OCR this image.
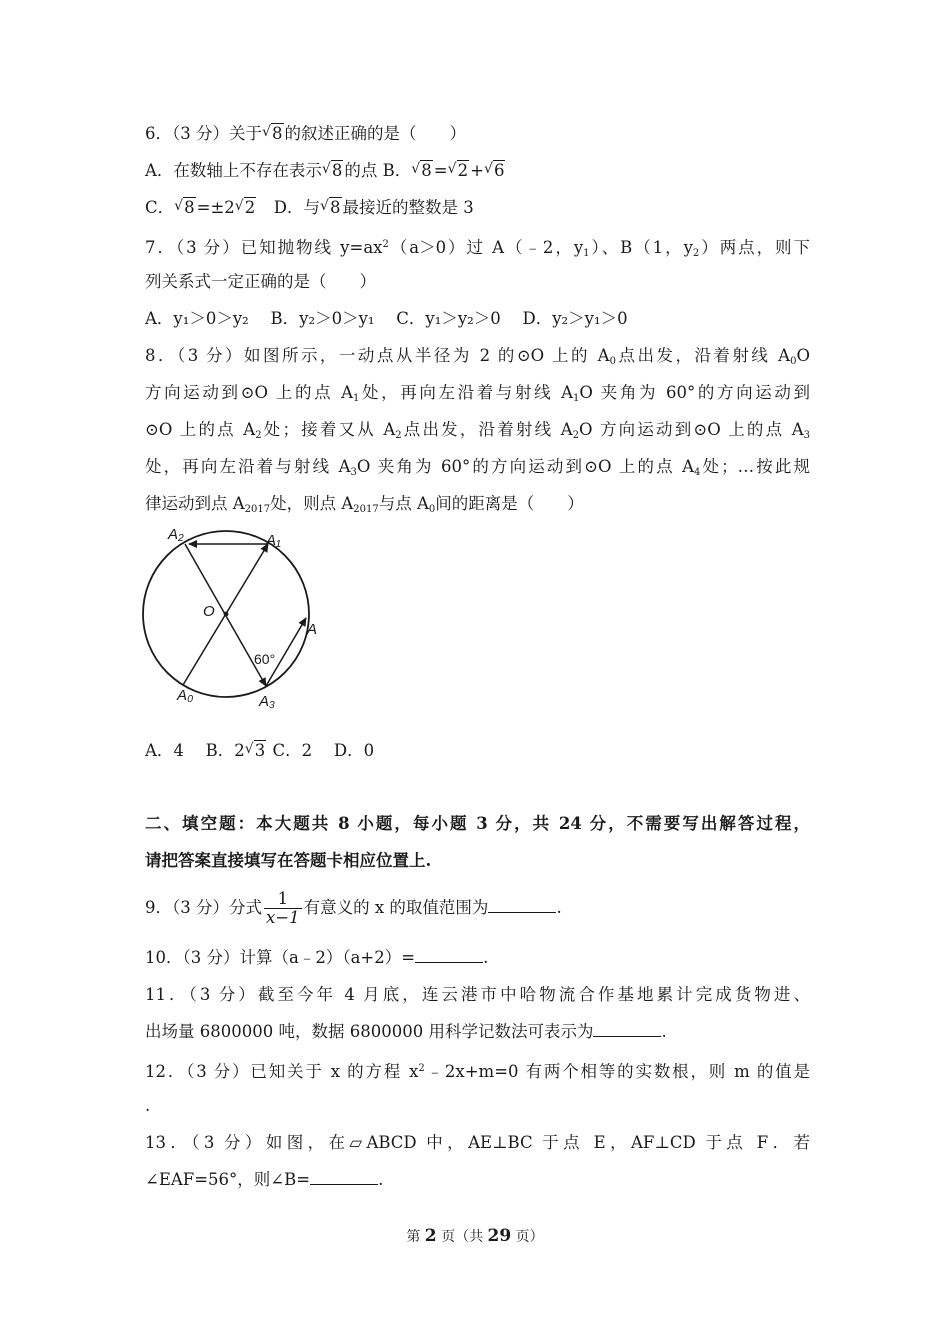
6．（3 分）关于 √ 8 的叙述正确的是（　　）
A．在数轴上不存在表示 √ 8 的点 B． √ 8 = √ 2 + √ 6
C． √ 8 =±2 √ 2　D．与 √ 8 最接近的整数是 3
7．（3 分）已知抛物线 $y=ax^2(a>0)$过 A（﹣2，$y_1$）、B（1，$y_2$）两点，则下
列关系式一定正确的是（　　）
A．y₁＞0＞y₂　 B．y₂＞0＞y₁　 C．y₁＞y₂＞0　 D．y₂＞y₁＞0
8．（3 分）如图所示，一动点从半径为 2 的⊙O 上的 $A_0$点出发，沿着射线 $A_0O$
方向运动到⊙O 上的点 $A_1$处，再向左沿着与射线 $A_1O$ 夹角为 60°的方向运动到
⊙O 上的点 $A_2$处；接着又从 $A_2$点出发，沿着射线 $A_2O$ 方向运动到⊙O 上的点 $A_3$
处，再向左沿着与射线 $A_3O$ 夹角为 60°的方向运动到⊙O 上的点 $A_4$处；…按此规
律运动到点 $A_{2017}$处，则点 $A_{2017}$与点 $A_0$间的距离是（　　）
A₂	A₁
O
A
A₀	A₃
60°
A．4　 B．2 √ 3 C．2　 D．0
二、填空题：本大题共 8 小题，每小题 3 分，共 24 分，不需要写出解答过程，
请把答案直接填写在答题卡相应位置上.
9．（3 分）分式 $\frac{1}{x-1}$ 有意义的 x 的取值范围为	.
10．（3 分）计算（a﹣2）（a+2）=	.
11．（3 分）截至今年 4 月底，连云港市中哈物流合作基地累计完成货物进、
出场量 6800000 吨，数据 6800000 用科学记数法可表示为	.
12．（3 分）已知关于 x 的方程 $x^2﹣2x+m=0$ 有两个相等的实数根，则 m 的值是
.
13．（3 分）如图，在▱ABCD 中，AE⊥BC 于点 E，AF⊥CD 于点 F．若
∠EAF=56°，则∠B=	.
第 2 页（共 29 页）
